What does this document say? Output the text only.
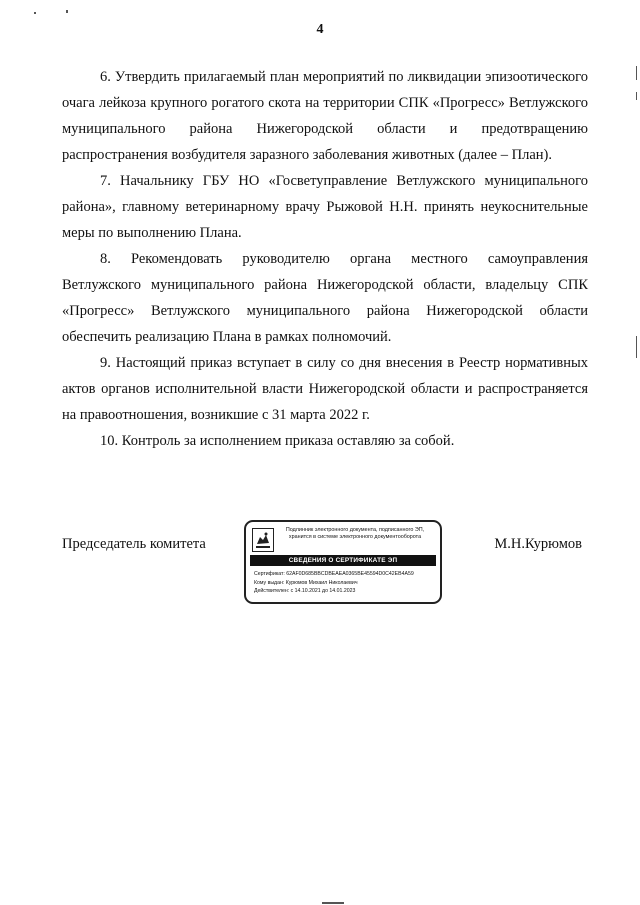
4

6. Утвердить прилагаемый план мероприятий по ликвидации эпизоотического очага лейкоза крупного рогатого скота на территории СПК «Прогресс» Ветлужского муниципального района Нижегородской области и предотвращению распространения возбудителя заразного заболевания животных (далее – План).

7. Начальнику ГБУ НО «Госветуправление Ветлужского муниципального района», главному ветеринарному врачу Рыжовой Н.Н. принять неукоснительные меры по выполнению Плана.

8. Рекомендовать руководителю органа местного самоуправления Ветлужского муниципального района Нижегородской области, владельцу СПК «Прогресс» Ветлужского муниципального района Нижегородской области обеспечить реализацию Плана в рамках полномочий.

9. Настоящий приказ вступает в силу со дня внесения в Реестр нормативных актов органов исполнительной власти Нижегородской области и распространяется на правоотношения, возникшие с 31 марта 2022 г.

10. Контроль за исполнением приказа оставляю за собой.

Председатель комитета
Подлинник электронного документа, подписанного ЭП, хранится в системе электронного документооборота
СВЕДЕНИЯ О СЕРТИФИКАТЕ ЭП
Сертификат: 62AF0D685BBCDBEAEA0365BE45594D0C42EB4A59
Кому выдан: Курюмов Михаил Николаевич
Действителен: с 14.10.2021 до 14.01.2023
М.Н.Курюмов
